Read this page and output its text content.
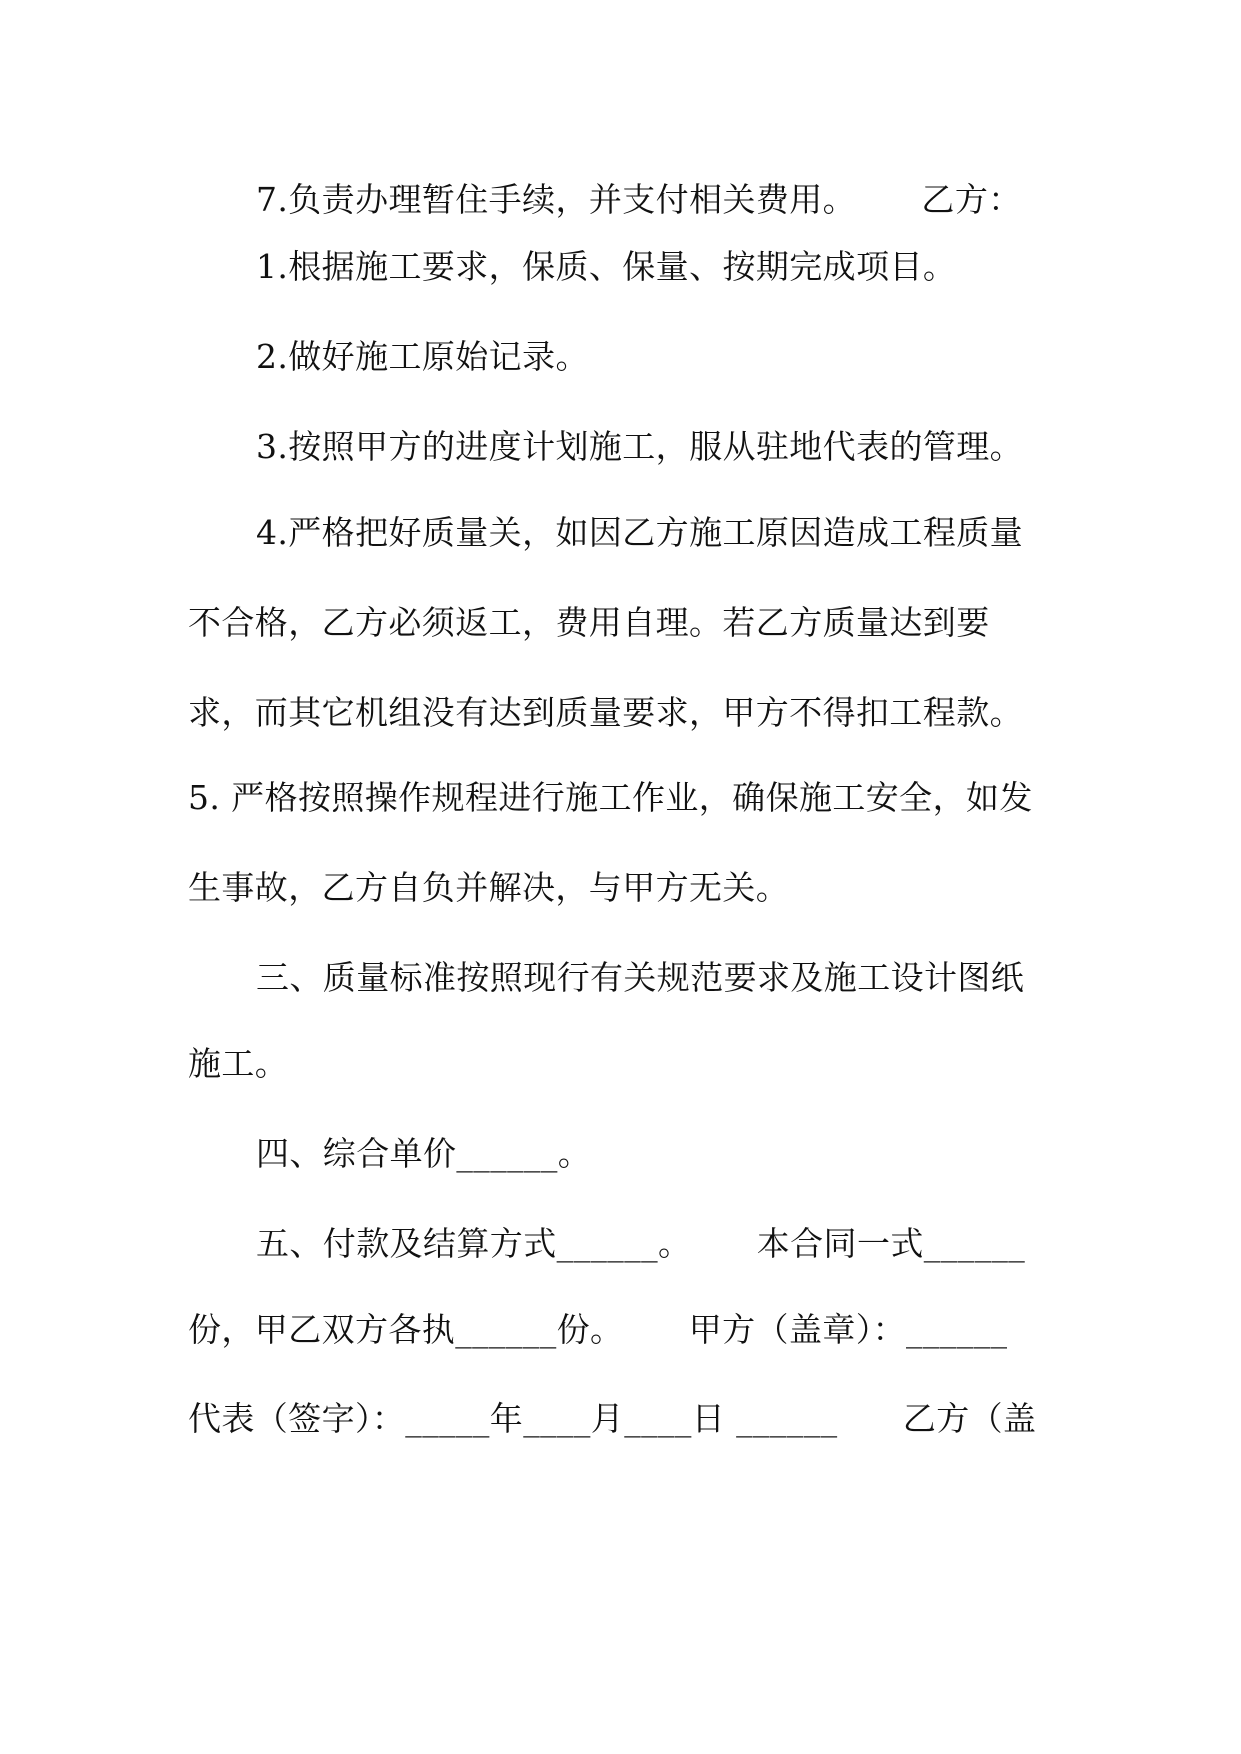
7.负责办理暂住手续，并支付相关费用。      乙方：
1.根据施工要求，保质、保量、按期完成项目。
2.做好施工原始记录。
3.按照甲方的进度计划施工，服从驻地代表的管理。
4.严格把好质量关，如因乙方施工原因造成工程质量
不合格，乙方必须返工，费用自理。若乙方质量达到要
求，而其它机组没有达到质量要求，甲方不得扣工程款。
5. 严格按照操作规程进行施工作业，确保施工安全，如发
生事故，乙方自负并解决，与甲方无关。
三、质量标准按照现行有关规范要求及施工设计图纸
施工。
四、综合单价______。
五、付款及结算方式______。      本合同一式______
份，甲乙双方各执______份。      甲方（盖章）：______
代表（签字）：_____年____月____日 ______      乙方（盖
